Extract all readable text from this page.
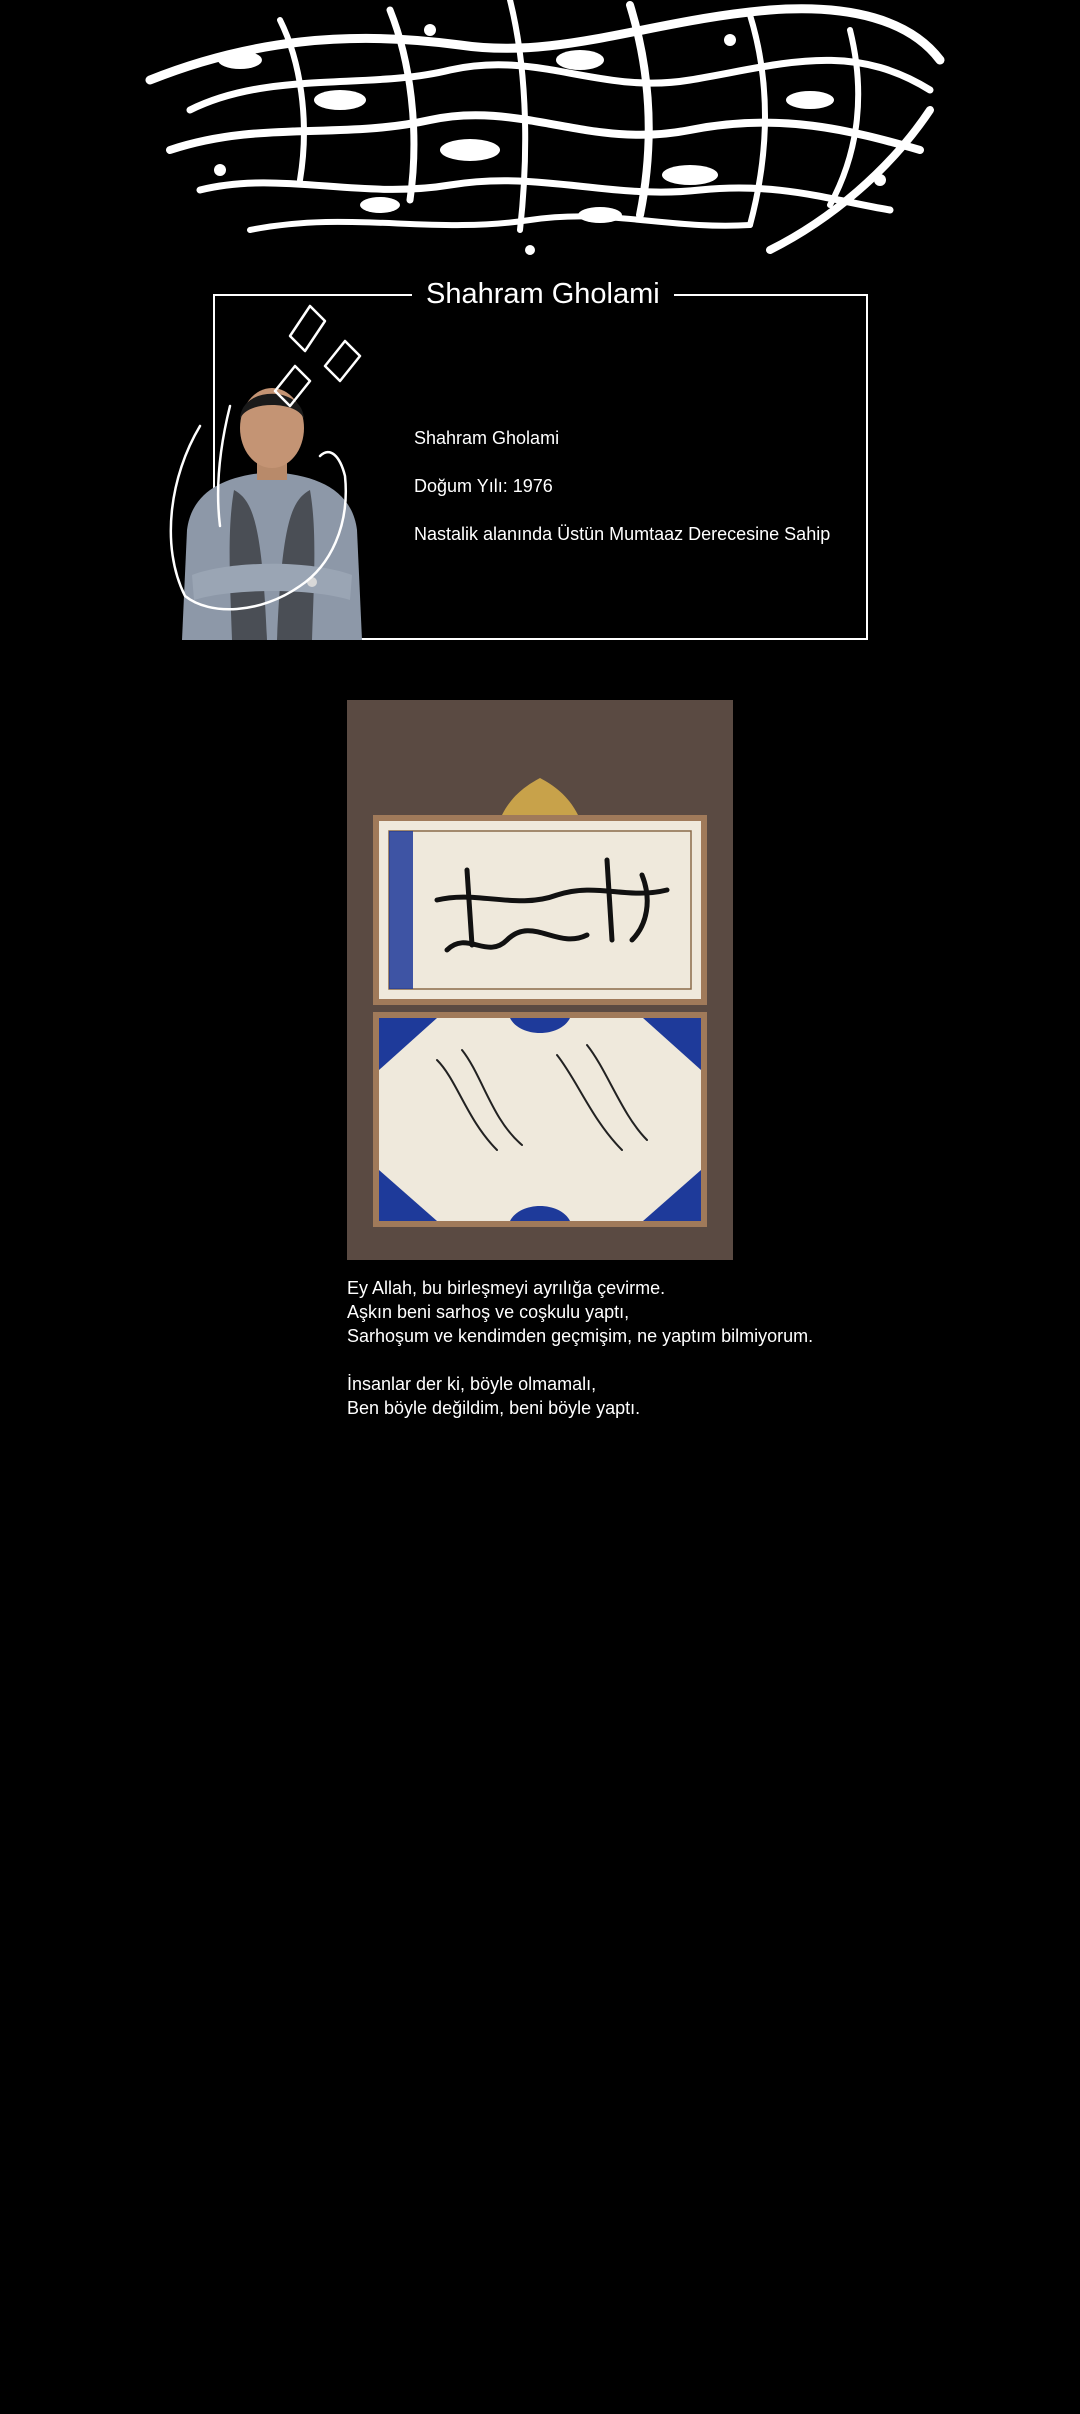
Shahram Gholami
Shahram Gholami
Doğum Yılı: 1976
Nastalik alanında Üstün Mumtaaz Derecesine Sahip
Ey Allah, bu birleşmeyi ayrılığa çevirme.
Aşkın beni sarhoş ve coşkulu yaptı,
Sarhoşum ve kendimden geçmişim, ne yaptım bilmiyorum.
İnsanlar der ki, böyle olmamalı,
Ben böyle değildim, beni böyle yaptı.
